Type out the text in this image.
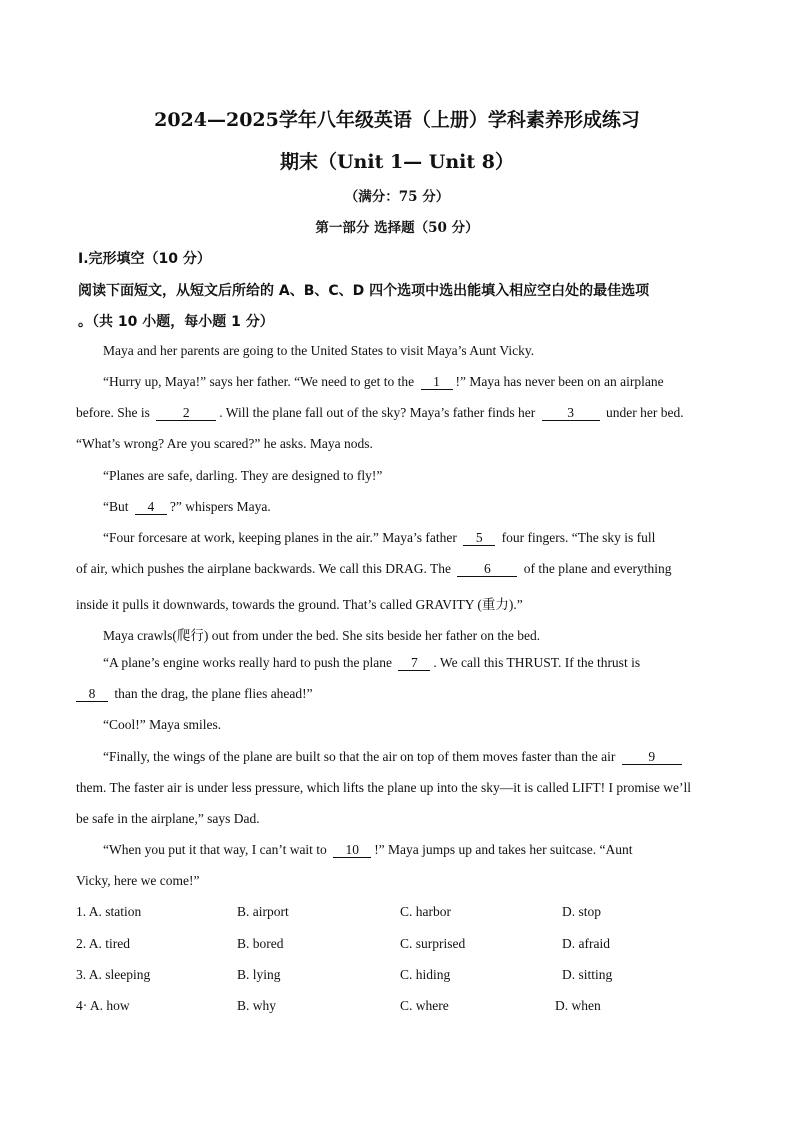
2024—2025学年八年级英语（上册）学科素养形成练习
期末（Unit 1— Unit 8）
（满分：75 分）
第一部分 选择题（50 分）
Ⅰ.完形填空（10 分）
阅读下面短文，从短文后所给的 A、B、C、D 四个选项中选出能填入相应空白处的最佳选项
。（共 10 小题，每小题 1 分）
Maya and her parents are going to the United States to visit Maya’s Aunt Vicky.
“Hurry up, Maya!” says her father. “We need to get to the 1 !” Maya has never been on an airplane
before. She is 2 . Will the plane fall out of the sky? Maya’s father finds her 3 under her bed.
“What’s wrong? Are you scared?” he asks. Maya nods.
“Planes are safe, darling. They are designed to fly!”
“But 4 ?” whispers Maya.
“Four forcesare at work, keeping planes in the air.” Maya’s father 5 four fingers. “The sky is full
of air, which pushes the airplane backwards. We call this DRAG. The 6 of the plane and everything
inside it pulls it downwards, towards the ground. That’s called GRAVITY (重力).”
Maya crawls(爬行) out from under the bed. She sits beside her father on the bed.
“A plane’s engine works really hard to push the plane 7 . We call this THRUST. If the thrust is
8 than the drag, the plane flies ahead!”
“Cool!” Maya smiles.
“Finally, the wings of the plane are built so that the air on top of them moves faster than the air 9
them. The faster air is under less pressure, which lifts the plane up into the sky—it is called LIFT! I promise we’ll
be safe in the airplane,” says Dad.
“When you put it that way, I can’t wait to 10 !” Maya jumps up and takes her suitcase. “Aunt
Vicky, here we come!”
1. A. station	B. airport	C. harbor	D. stop
2. A. tired	B. bored	C. surprised	D. afraid
3. A. sleeping	B. lying	C. hiding	D. sitting
4· A. how	B. why	C. where	D. when
